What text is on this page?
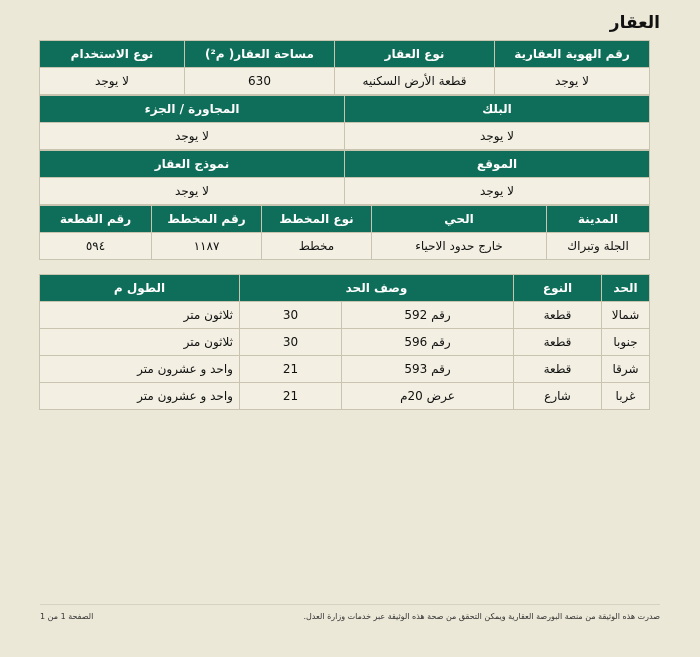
العقار
رقم الهوية العقارية	نوع العقار	مساحة العقار( م²)	نوع الاستخدام
لا يوجد	قطعة الأرض السكنيه	630	لا يوجد
البلك	المجاورة / الجزء
لا يوجد	لا يوجد
الموقع	نموذج العقار
لا يوجد	لا يوجد
المدينة	الحي	نوع المخطط	رقم المخطط	رقم القطعة
الجلة وتبراك	خارج حدود الاحياء	مخطط	١١٨٧	٥٩٤
الحد	النوع	وصف الحد		الطول م
شمالا	قطعة	رقم 592	30	ثلاثون متر
جنوبا	قطعة	رقم 596	30	ثلاثون متر
شرقا	قطعة	رقم 593	21	واحد و عشرون متر
غربا	شارع	عرض 20م	21	واحد و عشرون متر
صدرت هذه الوثيقة من منصة البورصة العقارية ويمكن التحقق من صحة هذه الوثيقة عبر خدمات وزارة العدل.
الصفحة 1 من 1
